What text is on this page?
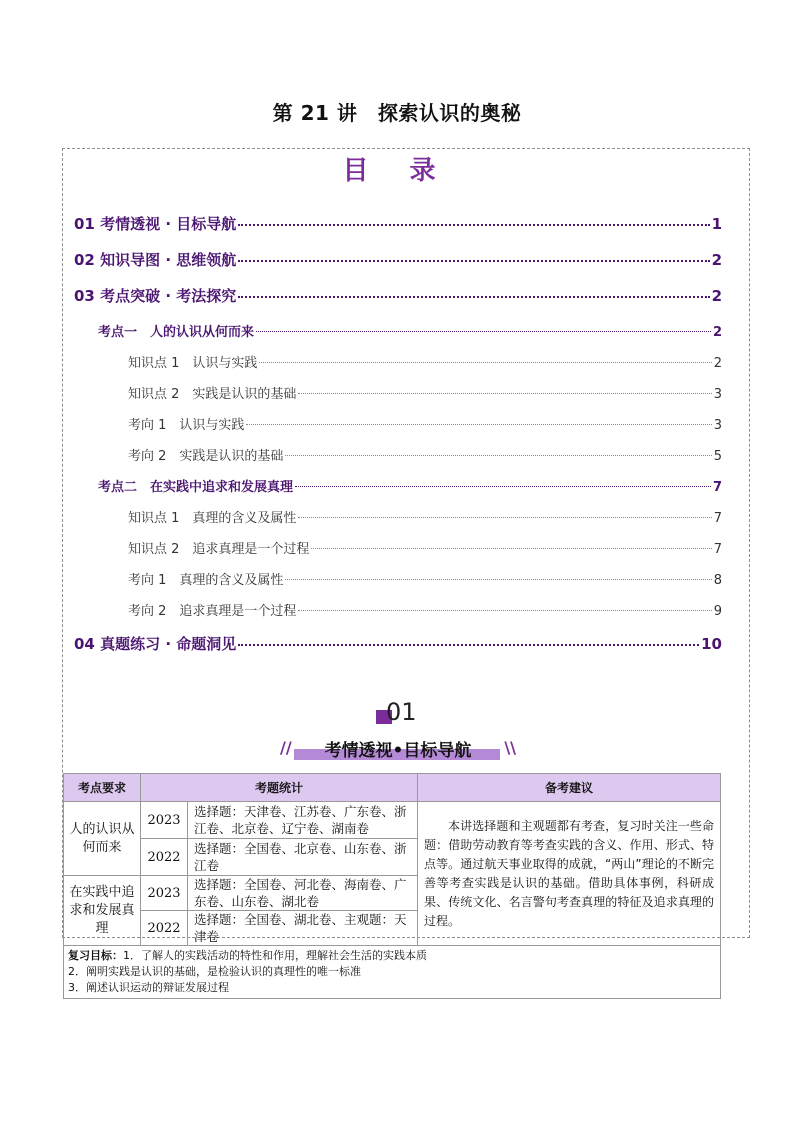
第 21 讲　探索认识的奥秘
目 录
01 考情透视 · 目标导航	1
02 知识导图 · 思维领航	2
03 考点突破 · 考法探究	2
考点一　人的认识从何而来	2
知识点 1　认识与实践	2
知识点 2　实践是认识的基础	3
考向 1　认识与实践	3
考向 2　实践是认识的基础	5
考点二　在实践中追求和发展真理	7
知识点 1　真理的含义及属性	7
知识点 2　追求真理是一个过程	7
考向 1　真理的含义及属性	8
考向 2　追求真理是一个过程	9
04 真题练习 · 命题洞见	10
01
//	\\
考情透视•目标导航
考点要求	考题统计		备考建议
人的认识从何而来	2023	选择题：天津卷、江苏卷、广东卷、浙江卷、北京卷、辽宁卷、湖南卷	本讲选择题和主观题都有考查，复习时关注一些命题：借助劳动教育等考查实践的含义、作用、形式、特点等。通过航天事业取得的成就，“两山”理论的不断完善等考查实践是认识的基础。借助具体事例，科研成果、传统文化、名言警句考查真理的特征及追求真理的过程。
	2022	选择题：全国卷、北京卷、山东卷、浙江卷	
在实践中追求和发展真理	2023	选择题：全国卷、河北卷、海南卷、广东卷、山东卷、湖北卷	
	2022	选择题：全国卷、湖北卷、主观题：天津卷	
复习目标：1．了解人的实践活动的特性和作用，理解社会生活的实践本质
2．阐明实践是认识的基础，是检验认识的真理性的唯一标准
3．阐述认识运动的辩证发展过程			
